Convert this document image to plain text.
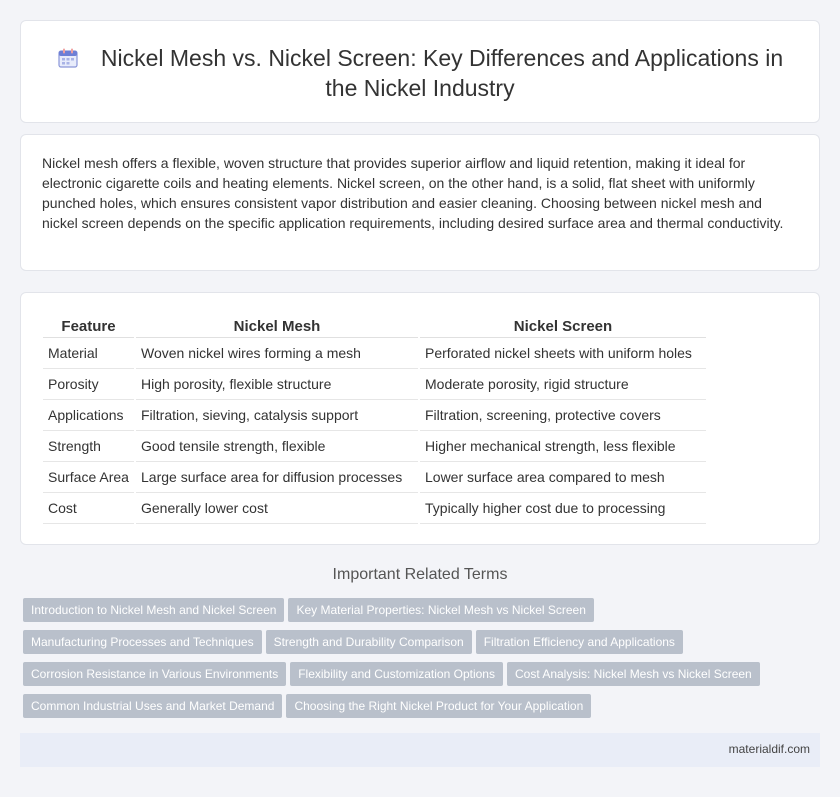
Nickel Mesh vs. Nickel Screen: Key Differences and Applications in the Nickel Industry
Nickel mesh offers a flexible, woven structure that provides superior airflow and liquid retention, making it ideal for electronic cigarette coils and heating elements. Nickel screen, on the other hand, is a solid, flat sheet with uniformly punched holes, which ensures consistent vapor distribution and easier cleaning. Choosing between nickel mesh and nickel screen depends on the specific application requirements, including desired surface area and thermal conductivity.
Feature	Nickel Mesh	Nickel Screen
Material	Woven nickel wires forming a mesh	Perforated nickel sheets with uniform holes
Porosity	High porosity, flexible structure	Moderate porosity, rigid structure
Applications	Filtration, sieving, catalysis support	Filtration, screening, protective covers
Strength	Good tensile strength, flexible	Higher mechanical strength, less flexible
Surface Area	Large surface area for diffusion processes	Lower surface area compared to mesh
Cost	Generally lower cost	Typically higher cost due to processing
Important Related Terms
Introduction to Nickel Mesh and Nickel Screen Key Material Properties: Nickel Mesh vs Nickel Screen
Manufacturing Processes and Techniques Strength and Durability Comparison Filtration Efficiency and Applications
Corrosion Resistance in Various Environments Flexibility and Customization Options Cost Analysis: Nickel Mesh vs Nickel Screen
Common Industrial Uses and Market Demand Choosing the Right Nickel Product for Your Application
materialdif.com
